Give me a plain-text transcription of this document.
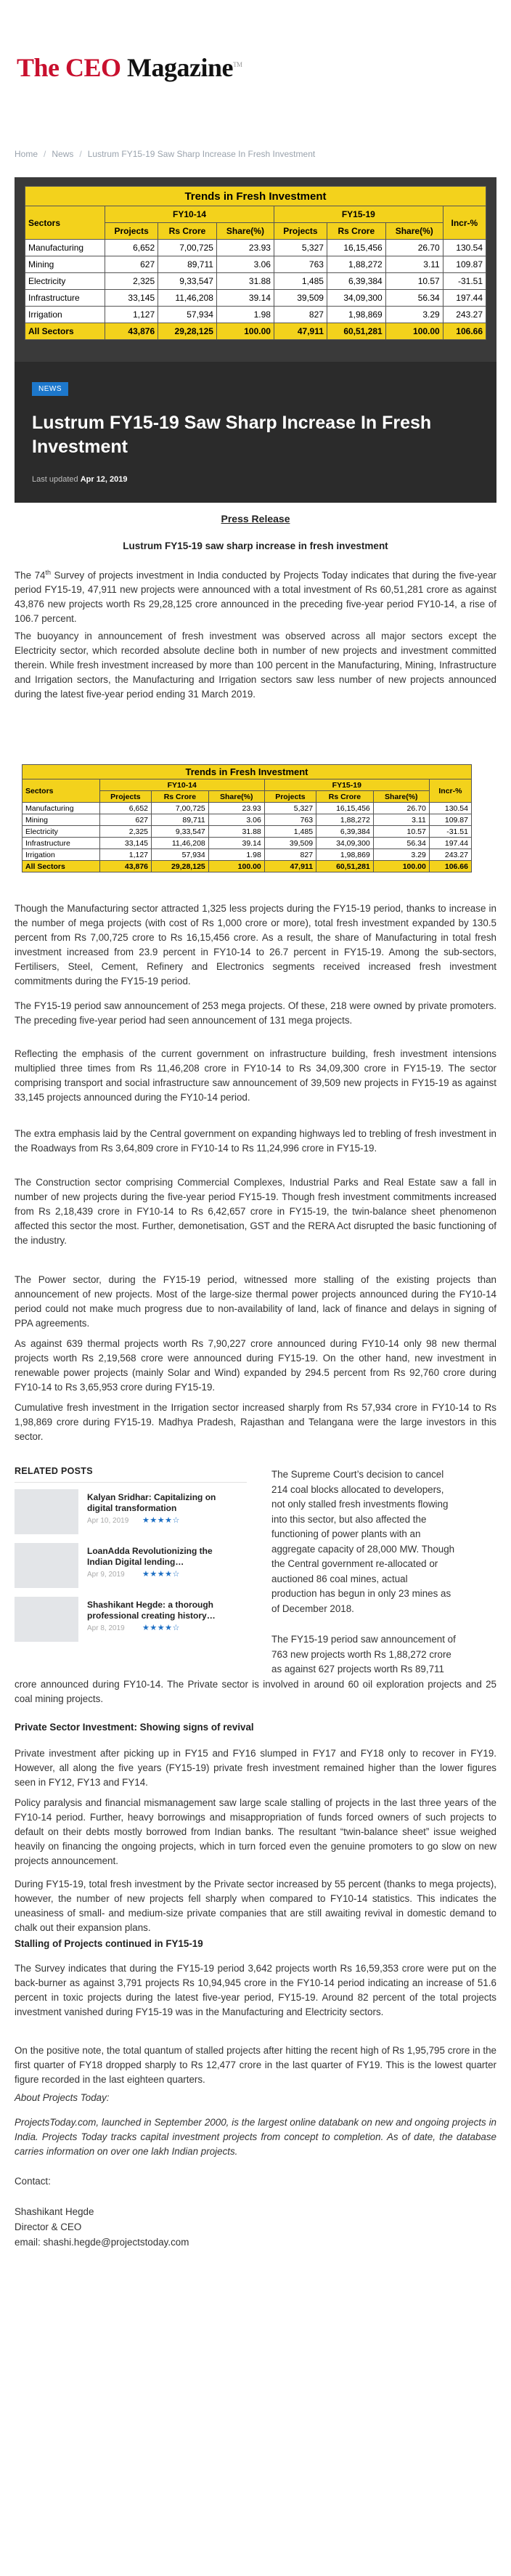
The CEO Magazine™
Home / News / Lustrum FY15-19 Saw Sharp Increase In Fresh Investment
Trends in Fresh Investment							
Sectors	FY10-14			FY15-19			Incr-%
	Projects	Rs Crore	Share(%)	Projects	Rs Crore	Share(%)	
Manufacturing	6,652	7,00,725	23.93	5,327	16,15,456	26.70	130.54
Mining	627	89,711	3.06	763	1,88,272	3.11	109.87
Electricity	2,325	9,33,547	31.88	1,485	6,39,384	10.57	-31.51
Infrastructure	33,145	11,46,208	39.14	39,509	34,09,300	56.34	197.44
Irrigation	1,127	57,934	1.98	827	1,98,869	3.29	243.27
All Sectors	43,876	29,28,125	100.00	47,911	60,51,281	100.00	106.66
NEWS
Lustrum FY15-19 Saw Sharp Increase In Fresh Investment
Last updated Apr 12, 2019
Press Release
Lustrum FY15-19 saw sharp increase in fresh investment

The 74th Survey of projects investment in India conducted by Projects Today indicates that during the five-year period FY15-19, 47,911 new projects were announced with a total investment of Rs 60,51,281 crore as against 43,876 new projects worth Rs 29,28,125 crore announced in the preceding five-year period FY10-14, a rise of 106.7 percent.

The buoyancy in announcement of fresh investment was observed across all major sectors except the Electricity sector, which recorded absolute decline both in number of new projects and investment committed therein. While fresh investment increased by more than 100 percent in the Manufacturing, Mining, Infrastructure and Irrigation sectors, the Manufacturing and Irrigation sectors saw less number of new projects announced during the latest five-year period ending 31 March 2019.

Trends in Fresh Investment							
Sectors	FY10-14			FY15-19			Incr-%
	Projects	Rs Crore	Share(%)	Projects	Rs Crore	Share(%)	
Manufacturing	6,652	7,00,725	23.93	5,327	16,15,456	26.70	130.54
Mining	627	89,711	3.06	763	1,88,272	3.11	109.87
Electricity	2,325	9,33,547	31.88	1,485	6,39,384	10.57	-31.51
Infrastructure	33,145	11,46,208	39.14	39,509	34,09,300	56.34	197.44
Irrigation	1,127	57,934	1.98	827	1,98,869	3.29	243.27
All Sectors	43,876	29,28,125	100.00	47,911	60,51,281	100.00	106.66

Though the Manufacturing sector attracted 1,325 less projects during the FY15-19 period, thanks to increase in the number of mega projects (with cost of Rs 1,000 crore or more), total fresh investment expanded by 130.5 percent from Rs 7,00,725 crore to Rs 16,15,456 crore. As a result, the share of Manufacturing in total fresh investment increased from 23.9 percent in FY10-14 to 26.7 percent in FY15-19. Among the sub-sectors, Fertilisers, Steel, Cement, Refinery and Electronics segments received increased fresh investment commitments during the FY15-19 period.

The FY15-19 period saw announcement of 253 mega projects. Of these, 218 were owned by private promoters. The preceding five-year period had seen announcement of 131 mega projects.

Reflecting the emphasis of the current government on infrastructure building, fresh investment intensions multiplied three times from Rs 11,46,208 crore in FY10-14 to Rs 34,09,300 crore in FY15-19. The sector comprising transport and social infrastructure saw announcement of 39,509 new projects in FY15-19 as against 33,145 projects announced during the FY10-14 period.

The extra emphasis laid by the Central government on expanding highways led to trebling of fresh investment in the Roadways from Rs 3,64,809 crore in FY10-14 to Rs 11,24,996 crore in FY15-19.

The Construction sector comprising Commercial Complexes, Industrial Parks and Real Estate saw a fall in number of new projects during the five-year period FY15-19. Though fresh investment commitments increased from Rs 2,18,439 crore in FY10-14 to Rs 6,42,657 crore in FY15-19, the twin-balance sheet phenomenon affected this sector the most. Further, demonetisation, GST and the RERA Act disrupted the basic functioning of the industry.

The Power sector, during the FY15-19 period, witnessed more stalling of the existing projects than announcement of new projects. Most of the large-size thermal power projects announced during the FY10-14 period could not make much progress due to non-availability of land, lack of finance and delays in signing of PPA agreements.

As against 639 thermal projects worth Rs 7,90,227 crore announced during FY10-14 only 98 new thermal projects worth Rs 2,19,568 crore were announced during FY15-19. On the other hand, new investment in renewable power projects (mainly Solar and Wind) expanded by 294.5 percent from Rs 92,760 crore during FY10-14 to Rs 3,65,953 crore during FY15-19.

Cumulative fresh investment in the Irrigation sector increased sharply from Rs 57,934 crore in FY10-14 to Rs 1,98,869 crore during FY15-19. Madhya Pradesh, Rajasthan and Telangana were the large investors in this sector.

The Supreme Court’s decision to cancel
214 coal blocks allocated to developers,
not only stalled fresh investments flowing
into this sector, but also affected the
functioning of power plants with an
aggregate capacity of 28,000 MW. Though
the Central government re-allocated or
auctioned 86 coal mines, actual
production has begun in only 23 mines as
of December 2018.
The FY15-19 period saw announcement of
763 new projects worth Rs 1,88,272 crore
as against 627 projects worth Rs 89,711

crore announced during FY10-14. The Private sector is involved in around 60 oil exploration projects and 25 coal mining projects.

Private Sector Investment: Showing signs of revival

Private investment after picking up in FY15 and FY16 slumped in FY17 and FY18 only to recover in FY19. However, all along the five years (FY15-19) private fresh investment remained higher than the lower figures seen in FY12, FY13 and FY14.

Policy paralysis and financial mismanagement saw large scale stalling of projects in the last three years of the FY10-14 period. Further, heavy borrowings and misappropriation of funds forced owners of such projects to default on their debts mostly borrowed from Indian banks. The resultant “twin-balance sheet” issue weighed heavily on financing the ongoing projects, which in turn forced even the genuine promoters to go slow on new projects announcement.

During FY15-19, total fresh investment by the Private sector increased by 55 percent (thanks to mega projects), however, the number of new projects fell sharply when compared to FY10-14 statistics. This indicates the uneasiness of small- and medium-size private companies that are still awaiting revival in domestic demand to chalk out their expansion plans.

Stalling of Projects continued in FY15-19

The Survey indicates that during the FY15-19 period 3,642 projects worth Rs 16,59,353 crore were put on the back-burner as against 3,791 projects Rs 10,94,945 crore in the FY10-14 period indicating an increase of 51.6 percent in toxic projects during the latest five-year period, FY15-19. Around 82 percent of the total projects investment vanished during FY15-19 was in the Manufacturing and Electricity sectors.

On the positive note, the total quantum of stalled projects after hitting the recent high of Rs 1,95,795 crore in the first quarter of FY18 dropped sharply to Rs 12,477 crore in the last quarter of FY19. This is the lowest quarter figure recorded in the last eighteen quarters.

About Projects Today:

ProjectsToday.com, launched in September 2000, is the largest online databank on new and ongoing projects in India. Projects Today tracks capital investment projects from concept to completion. As of date, the database carries information on over one lakh Indian projects.

Contact:
Shashikant Hegde
Director & CEO
email: shashi.hegde@projectstoday.com
RELATED POSTS
Kalyan Sridhar: Capitalizing on digital transformation
Apr 10, 2019 ★★★★☆
LoanAdda Revolutionizing the Indian Digital lending…
Apr 9, 2019 ★★★★☆
Shashikant Hegde: a thorough professional creating history…
Apr 8, 2019 ★★★★☆
